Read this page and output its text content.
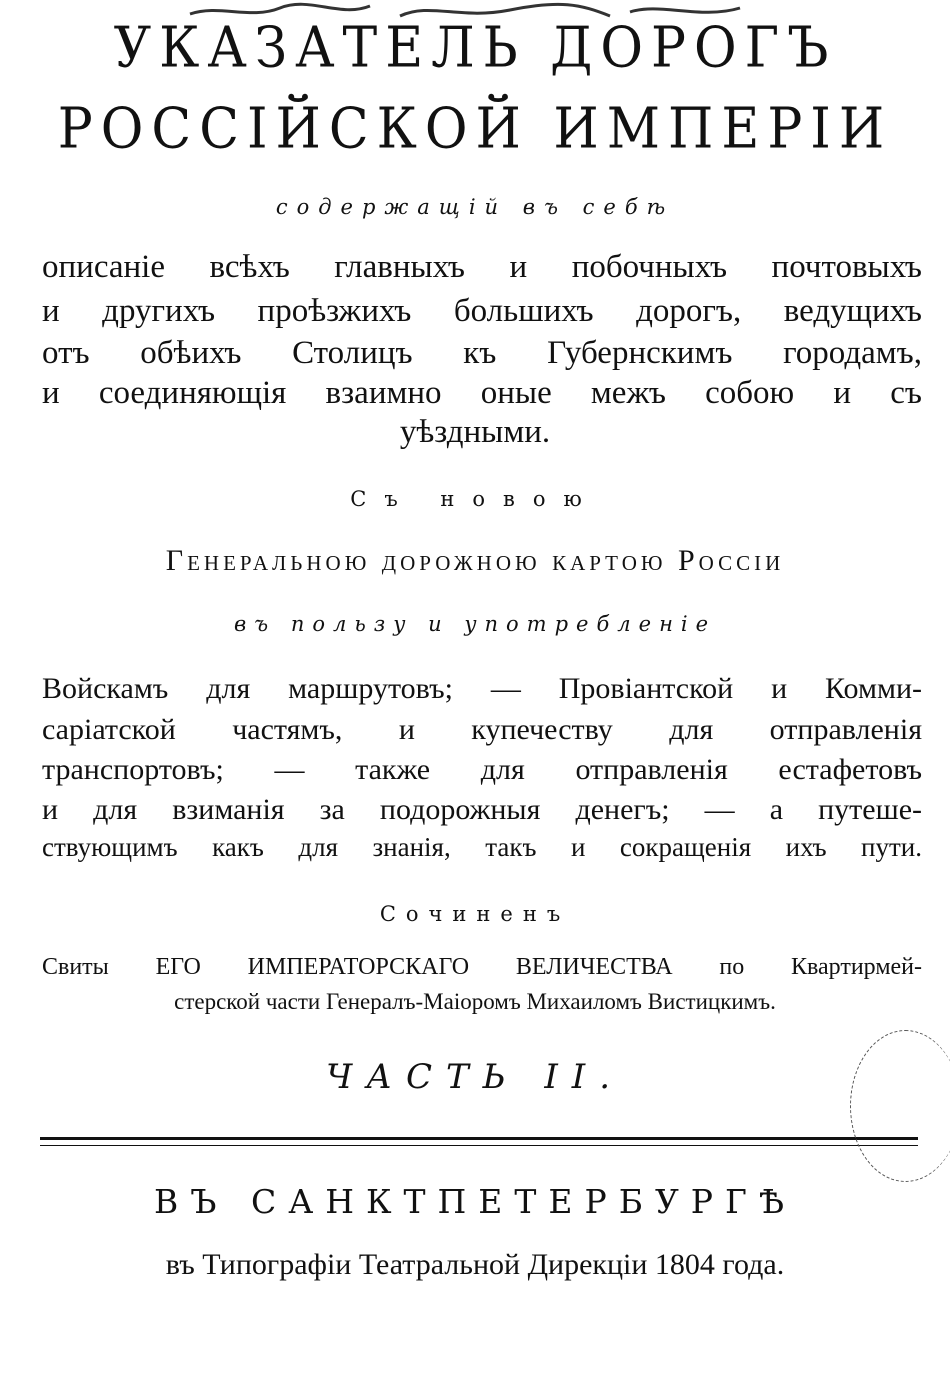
УКАЗАТЕЛЬ ДОРОГЪ
РОССІЙСКОЙ ИМПЕРІИ
содержащій въ себѣ
описаніе всѣхъ главныхъ и побочныхъ почтовыхъ
и другихъ проѣзжихъ большихъ дорогъ, ведущихъ
отъ обѣихъ Столицъ къ Губернскимъ городамъ,
и соединяющія взаимно оные межъ собою и съ
уѣздными.
Съ новою
Генеральною дорожною картою Россіи
въ пользу и употребленіе
Войскамъ для маршрутовъ; — Провіантской и Комми-
саріатской частямъ, и купечеству для отправленія
транспортовъ; — также для отправленія естафетовъ
и для взиманія за подорожныя денегъ; — а путеше-
ствующимъ какъ для знанія, такъ и сокращенія ихъ пути.
Сочиненъ
Свиты ЕГО ИМПЕРАТОРСКАГО ВЕЛИЧЕСТВА по Квартирмей-
стерской части Генералъ-Маіоромъ Михаиломъ Вистицкимъ.
ЧАСТЬ II.
ВЪ САНКТПЕТЕРБУРГѢ
въ Типографіи Театральной Дирекціи 1804 года.
